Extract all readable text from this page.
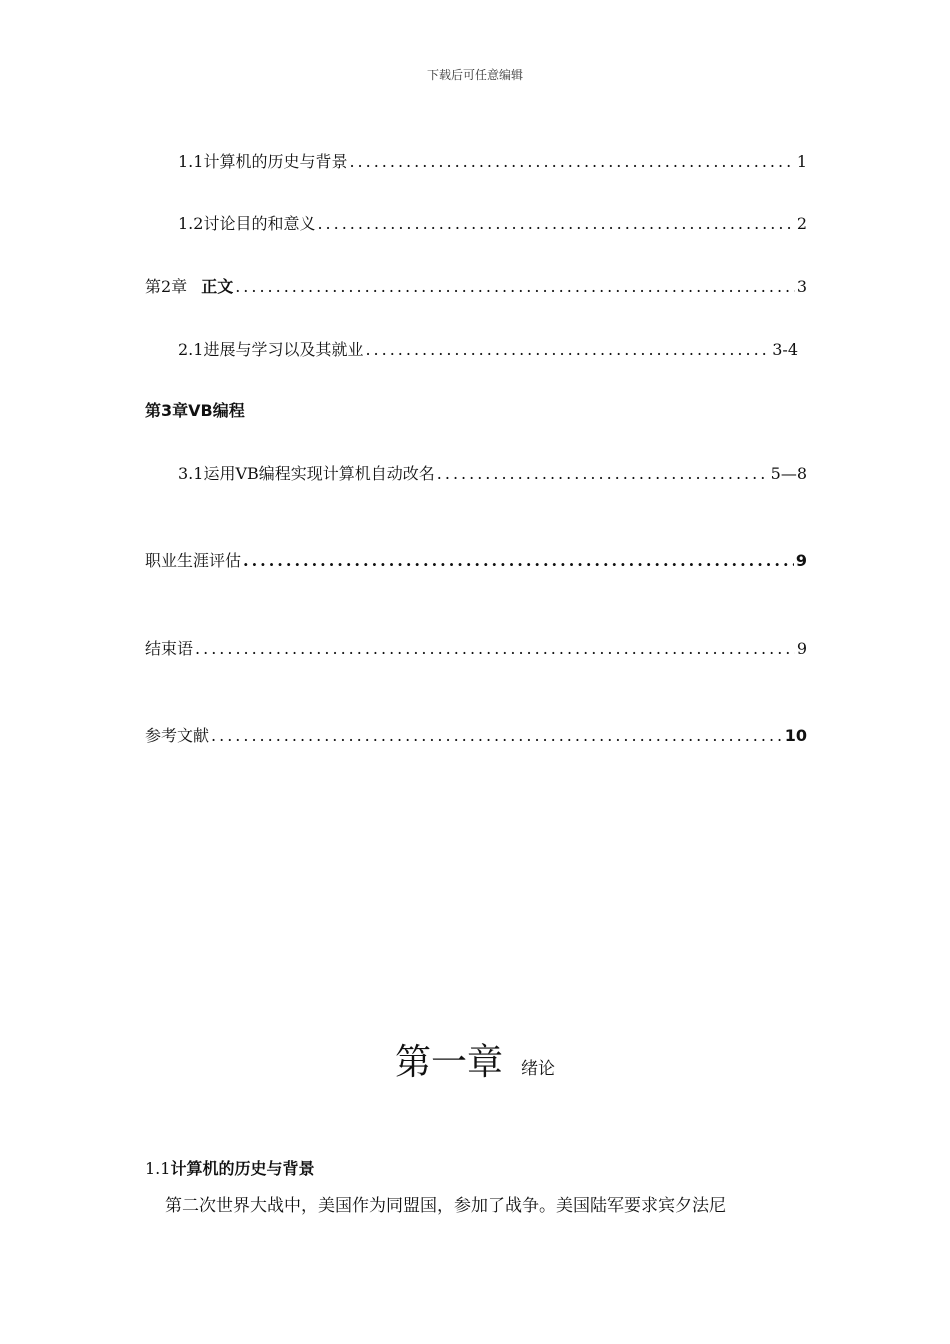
下载后可任意编辑
1.1计算机的历史与背景 .....	1
1.2讨论目的和意义 .....	2
第2章 正文 .....	3
2.1进展与学习以及其就业 .....	3-4
第3章VB编程
3.1运用VB编程实现计算机自动改名 .....	5—8
职业生涯评估 .....	9
结束语 .....	9
参考文献 .....	10
第一章 绪论
1.1计算机的历史与背景
第二次世界大战中，美国作为同盟国，参加了战争。美国陆军要求宾夕法尼
